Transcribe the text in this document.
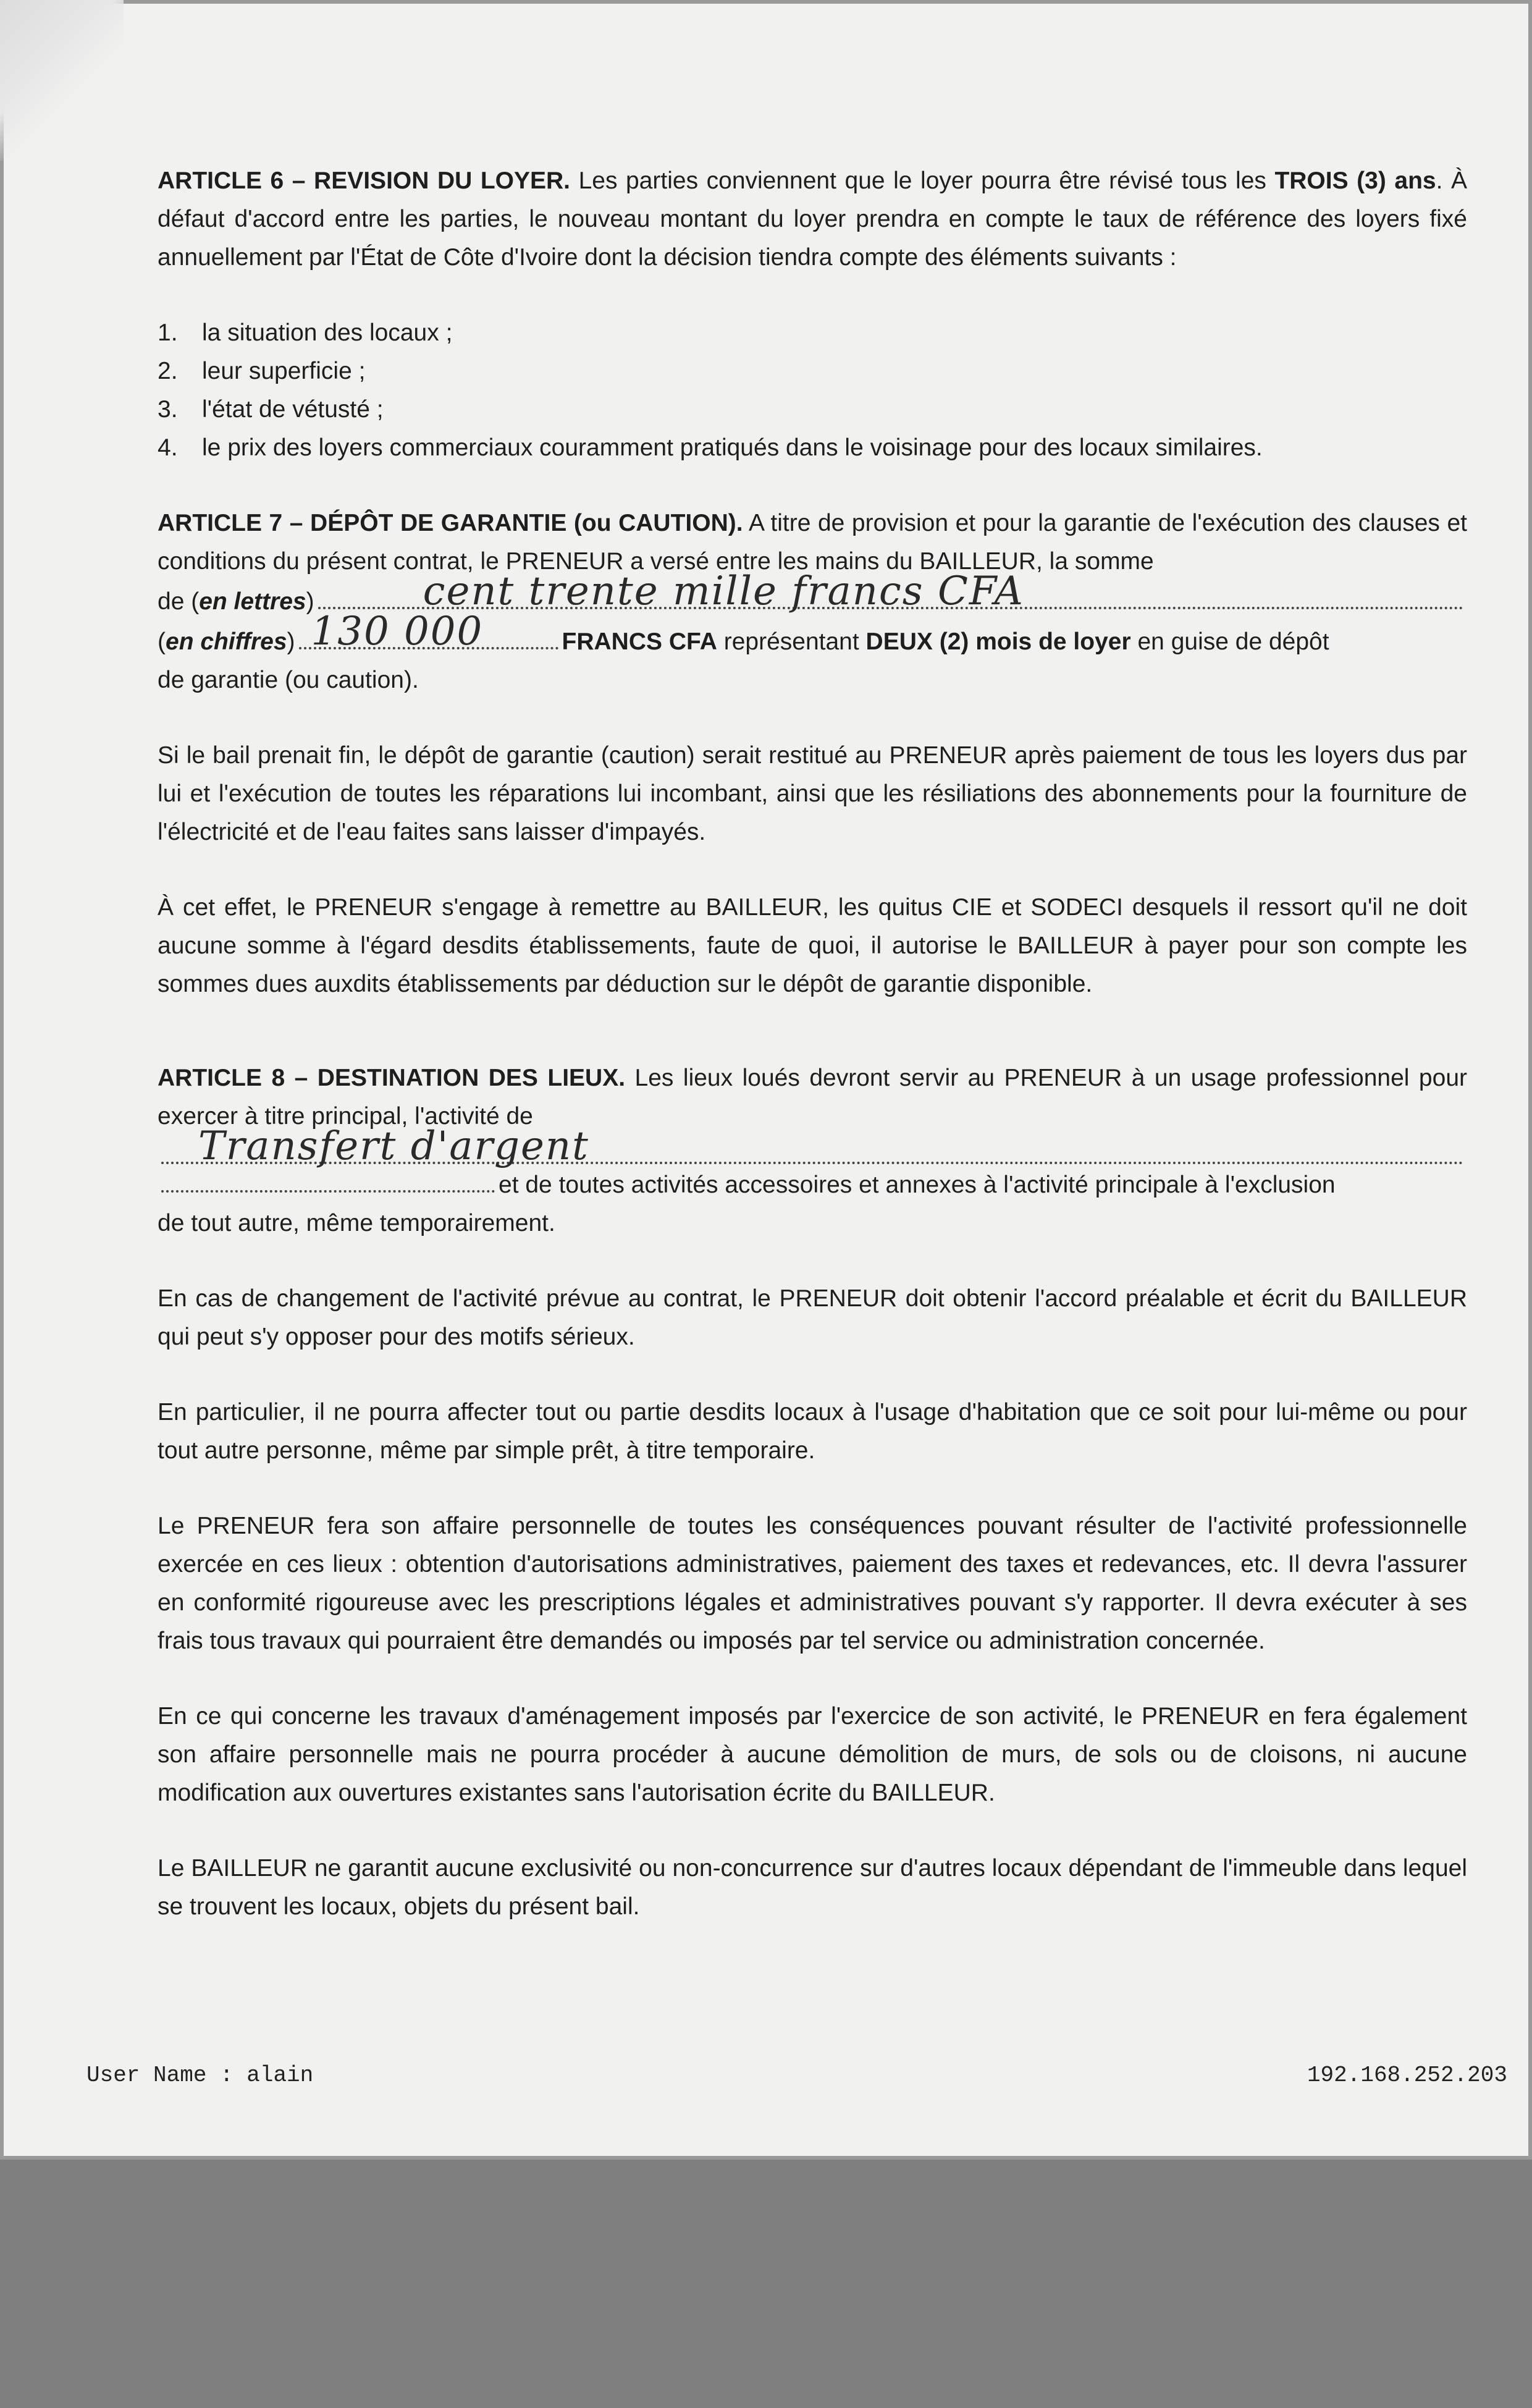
ARTICLE 6 – REVISION DU LOYER. Les parties conviennent que le loyer pourra être révisé tous les TROIS (3) ans. À défaut d'accord entre les parties, le nouveau montant du loyer prendra en compte le taux de référence des loyers fixé annuellement par l'État de Côte d'Ivoire dont la décision tiendra compte des éléments suivants :

1. la situation des locaux ;
2. leur superficie ;
3. l'état de vétusté ;
4. le prix des loyers commerciaux couramment pratiqués dans le voisinage pour des locaux similaires.

ARTICLE 7 – DÉPÔT DE GARANTIE (ou CAUTION). A titre de provision et pour la garantie de l'exécution des clauses et conditions du présent contrat, le PRENEUR a versé entre les mains du BAILLEUR, la somme

de (en lettres)	cent trente mille francs CFA
(en chiffres) 130 000	FRANCS CFA représentant DEUX (2) mois de loyer en guise de dépôt

de garantie (ou caution).

Si le bail prenait fin, le dépôt de garantie (caution) serait restitué au PRENEUR après paiement de tous les loyers dus par lui et l'exécution de toutes les réparations lui incombant, ainsi que les résiliations des abonnements pour la fourniture de l'électricité et de l'eau faites sans laisser d'impayés.

À cet effet, le PRENEUR s'engage à remettre au BAILLEUR, les quitus CIE et SODECI desquels il ressort qu'il ne doit aucune somme à l'égard desdits établissements, faute de quoi, il autorise le BAILLEUR à payer pour son compte les sommes dues auxdits établissements par déduction sur le dépôt de garantie disponible.

ARTICLE 8 – DESTINATION DES LIEUX. Les lieux loués devront servir au PRENEUR à un usage professionnel pour exercer à titre principal, l'activité de

Transfert d'argent
et de toutes activités accessoires et annexes à l'activité principale à l'exclusion

de tout autre, même temporairement.

En cas de changement de l'activité prévue au contrat, le PRENEUR doit obtenir l'accord préalable et écrit du BAILLEUR qui peut s'y opposer pour des motifs sérieux.

En particulier, il ne pourra affecter tout ou partie desdits locaux à l'usage d'habitation que ce soit pour lui-même ou pour tout autre personne, même par simple prêt, à titre temporaire.

Le PRENEUR fera son affaire personnelle de toutes les conséquences pouvant résulter de l'activité professionnelle exercée en ces lieux : obtention d'autorisations administratives, paiement des taxes et redevances, etc. Il devra l'assurer en conformité rigoureuse avec les prescriptions légales et administratives pouvant s'y rapporter. Il devra exécuter à ses frais tous travaux qui pourraient être demandés ou imposés par tel service ou administration concernée.

En ce qui concerne les travaux d'aménagement imposés par l'exercice de son activité, le PRENEUR en fera également son affaire personnelle mais ne pourra procéder à aucune démolition de murs, de sols ou de cloisons, ni aucune modification aux ouvertures existantes sans l'autorisation écrite du BAILLEUR.

Le BAILLEUR ne garantit aucune exclusivité ou non-concurrence sur d'autres locaux dépendant de l'immeuble dans lequel se trouvent les locaux, objets du présent bail.

User Name : alain	192.168.252.203
